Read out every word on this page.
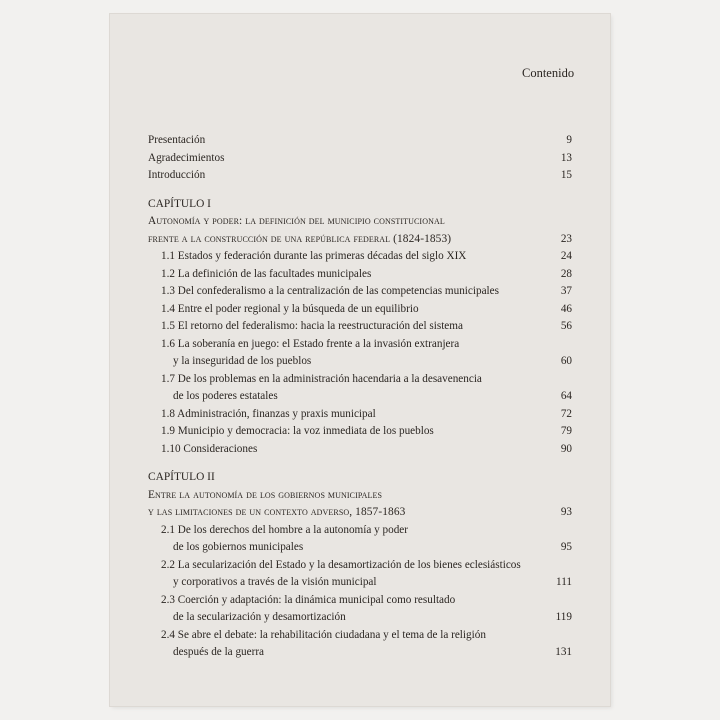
Contenido
Presentación	9
Agradecimientos	13
Introducción	15
CAPÍTULO I
Autonomía y poder: la definición del municipio constitucional
frente a la construcción de una república federal (1824-1853)	23
1.1 Estados y federación durante las primeras décadas del siglo XIX	24
1.2 La definición de las facultades municipales	28
1.3 Del confederalismo a la centralización de las competencias municipales	37
1.4 Entre el poder regional y la búsqueda de un equilibrio	46
1.5 El retorno del federalismo: hacia la reestructuración del sistema	56
1.6 La soberanía en juego: el Estado frente a la invasión extranjera
y la inseguridad de los pueblos	60
1.7 De los problemas en la administración hacendaria a la desavenencia
de los poderes estatales	64
1.8 Administración, finanzas y praxis municipal	72
1.9 Municipio y democracia: la voz inmediata de los pueblos	79
1.10 Consideraciones	90
CAPÍTULO II
Entre la autonomía de los gobiernos municipales
y las limitaciones de un contexto adverso, 1857-1863	93
2.1 De los derechos del hombre a la autonomía y poder
de los gobiernos municipales	95
2.2 La secularización del Estado y la desamortización de los bienes eclesiásticos
y corporativos a través de la visión municipal	111
2.3 Coerción y adaptación: la dinámica municipal como resultado
de la secularización y desamortización	119
2.4 Se abre el debate: la rehabilitación ciudadana y el tema de la religión
después de la guerra	131
